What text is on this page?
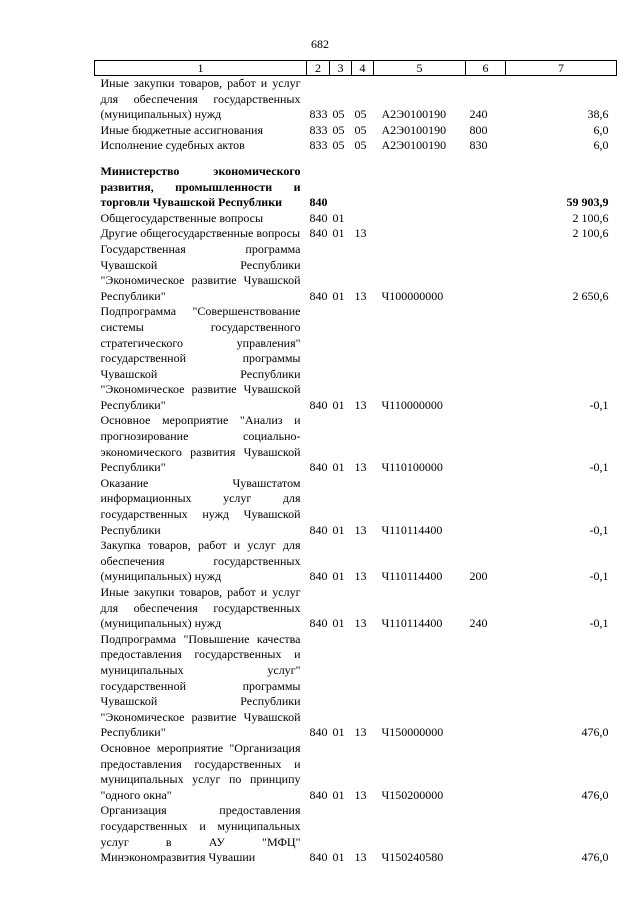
682
1	2	3	4	5	6	7
Иные закупки товаров, работ и услуг для обеспечения государственных (муниципальных) нужд	833	05	05	А2Э0100190	240	38,6
Иные бюджетные ассигнования	833	05	05	А2Э0100190	800	6,0
Исполнение судебных актов	833	05	05	А2Э0100190	830	6,0

Министерство экономического развития, промышленности и торговли Чувашской Республики	840					59 903,9
Общегосударственные вопросы	840	01				2 100,6
Другие общегосударственные вопросы	840	01	13			2 100,6
Государственная программа Чувашской Республики "Экономическое развитие Чувашской Республики"	840	01	13	Ч100000000		2 650,6
Подпрограмма "Совершенствование системы государственного стратегического управления" государственной программы Чувашской Республики "Экономическое развитие Чувашской Республики"	840	01	13	Ч110000000		-0,1
Основное мероприятие "Анализ и прогнозирование социально-экономического развития Чувашской Республики"	840	01	13	Ч110100000		-0,1
Оказание Чувашстатом информационных услуг для государственных нужд Чувашской Республики	840	01	13	Ч110114400		-0,1
Закупка товаров, работ и услуг для обеспечения государственных (муниципальных) нужд	840	01	13	Ч110114400	200	-0,1
Иные закупки товаров, работ и услуг для обеспечения государственных (муниципальных) нужд	840	01	13	Ч110114400	240	-0,1
Подпрограмма "Повышение качества предоставления государственных и муниципальных услуг" государственной программы Чувашской Республики "Экономическое развитие Чувашской Республики"	840	01	13	Ч150000000		476,0
Основное мероприятие "Организация предоставления государственных и муниципальных услуг по принципу "одного окна"	840	01	13	Ч150200000		476,0
Организация предоставления государственных и муниципальных услуг в АУ "МФЦ" Минэкономразвития Чувашии	840	01	13	Ч150240580		476,0
